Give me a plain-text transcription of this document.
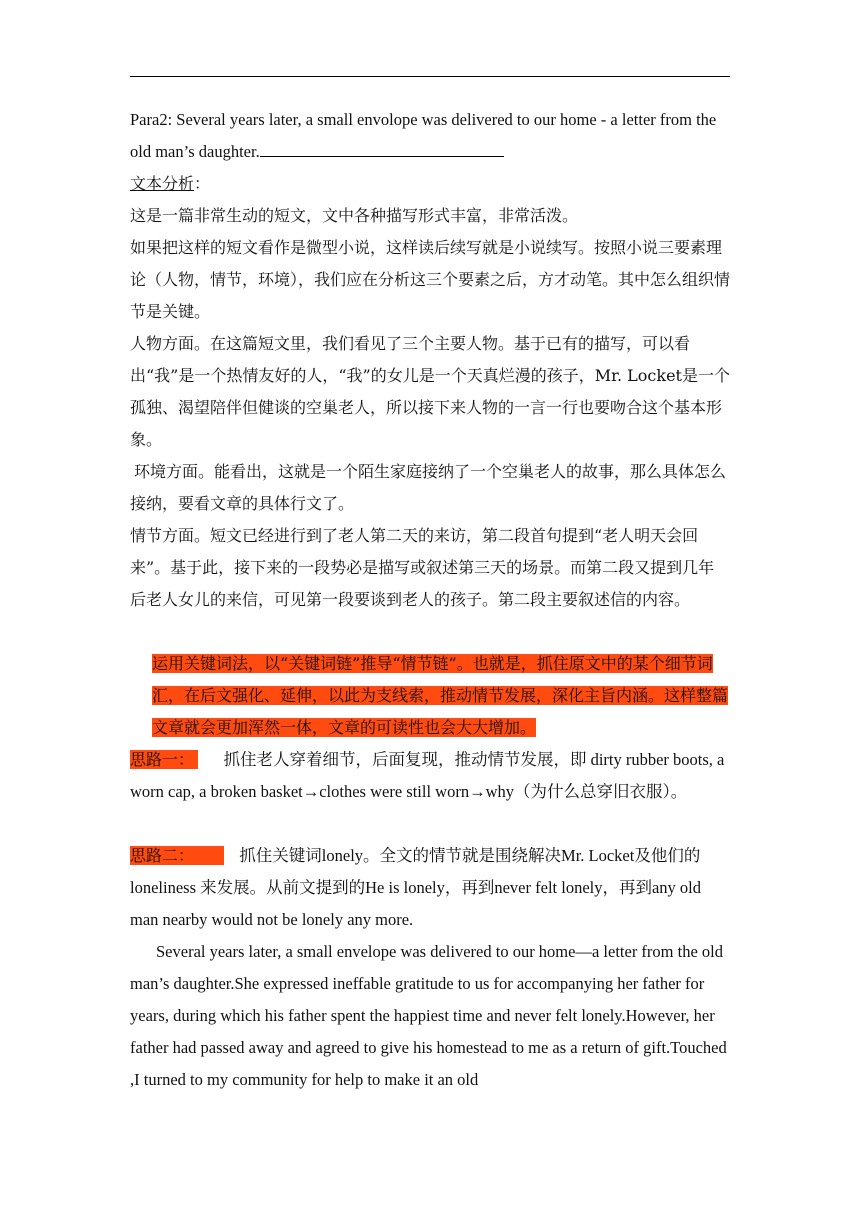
Para2: Several years later, a small envolope was delivered to our home - a letter from the old man’s daughter.

文本分析：

这是一篇非常生动的短文，文中各种描写形式丰富，非常活泼。

如果把这样的短文看作是微型小说，这样读后续写就是小说续写。按照小说三要素理论（人物，情节，环境），我们应在分析这三个要素之后，方才动笔。其中怎么组织情节是关键。

人物方面。在这篇短文里，我们看见了三个主要人物。基于已有的描写，可以看出“我”是一个热情友好的人，“我”的女儿是一个天真烂漫的孩子，Mr. Locket是一个孤独、渴望陪伴但健谈的空巢老人，所以接下来人物的一言一行也要吻合这个基本形象。

环境方面。能看出，这就是一个陌生家庭接纳了一个空巢老人的故事，那么具体怎么接纳，要看文章的具体行文了。

情节方面。短文已经进行到了老人第二天的来访，第二段首句提到“老人明天会回来”。基于此，接下来的一段势必是描写或叙述第三天的场景。而第二段又提到几年后老人女儿的来信，可见第一段要谈到老人的孩子。第二段主要叙述信的内容。

运用关键词法，以“关键词链”推导“情节链”。也就是，抓住原文中的某个细节词汇，在后文强化、延伸，以此为支线索，推动情节发展，深化主旨内涵。这样整篇文章就会更加浑然一体，文章的可读性也会大大增加。

思路一： 抓住老人穿着细节，后面复现，推动情节发展，即 dirty rubber boots, a worn cap, a broken basket→clothes were still worn→why（为什么总穿旧衣服）。

思路二：	抓住关键词lonely。全文的情节就是围绕解决Mr. Locket及他们的loneliness 来发展。从前文提到的He is lonely，再到never felt lonely，再到any old man nearby would not be lonely any more.

Several years later, a small envelope was delivered to our home—a letter from the old man’s daughter.She expressed ineffable gratitude to us for accompanying her father for years, during which his father spent the happiest time and never felt lonely.However, her father had passed away and agreed to give his homestead to me as a return of gift.Touched ,I turned to my community for help to make it an old
